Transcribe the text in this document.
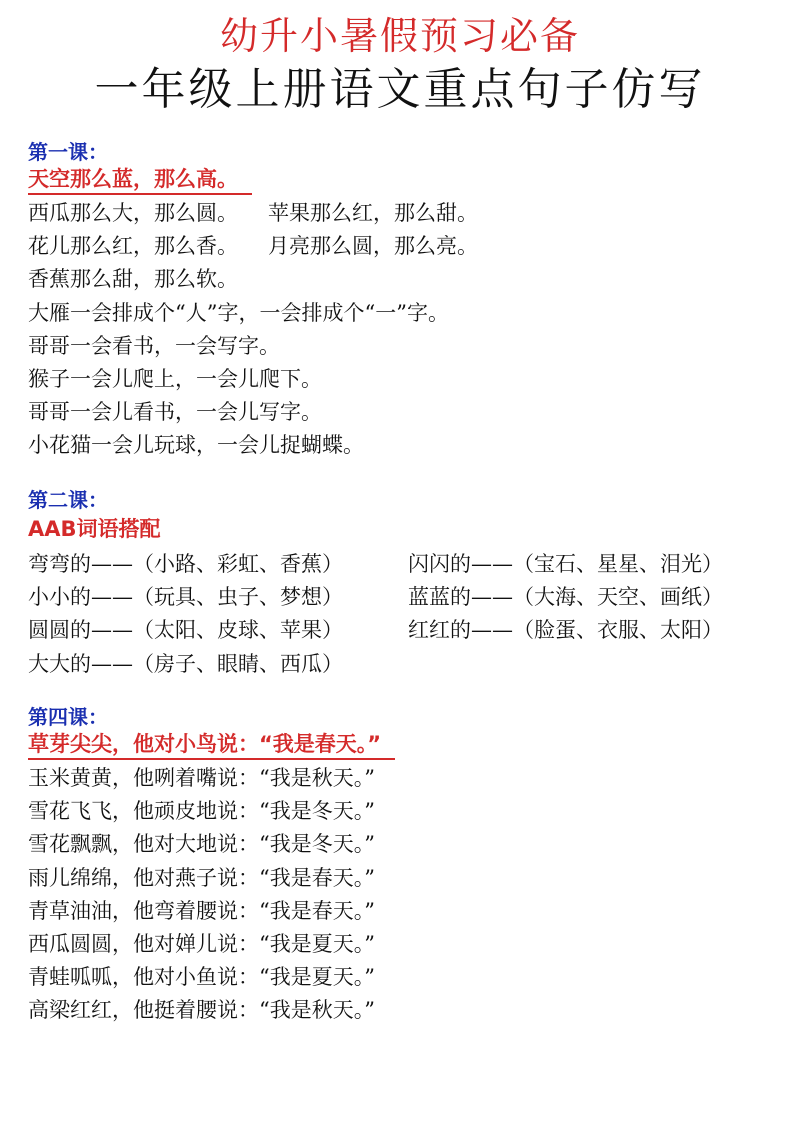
幼升小暑假预习必备
一年级上册语文重点句子仿写
第一课：
天空那么蓝，那么高。
西瓜那么大，那么圆。 苹果那么红，那么甜。
花儿那么红，那么香。 月亮那么圆，那么亮。
香蕉那么甜，那么软。
大雁一会排成个“人”字，一会排成个“一”字。
哥哥一会看书，一会写字。
猴子一会儿爬上，一会儿爬下。
哥哥一会儿看书，一会儿写字。
小花猫一会儿玩球，一会儿捉蝴蝶。
第二课：
AAB词语搭配
弯弯的——（小路、彩虹、香蕉）	闪闪的——（宝石、星星、泪光）
小小的——（玩具、虫子、梦想）	蓝蓝的——（大海、天空、画纸）
圆圆的——（太阳、皮球、苹果）	红红的——（脸蛋、衣服、太阳）
大大的——（房子、眼睛、西瓜）
第四课：
草芽尖尖，他对小鸟说：“我是春天。”
玉米黄黄，他咧着嘴说：“我是秋天。”
雪花飞飞，他顽皮地说：“我是冬天。”
雪花飘飘，他对大地说：“我是冬天。”
雨儿绵绵，他对燕子说：“我是春天。”
青草油油，他弯着腰说：“我是春天。”
西瓜圆圆，他对婵儿说：“我是夏天。”
青蛙呱呱，他对小鱼说：“我是夏天。”
高梁红红，他挺着腰说：“我是秋天。”
